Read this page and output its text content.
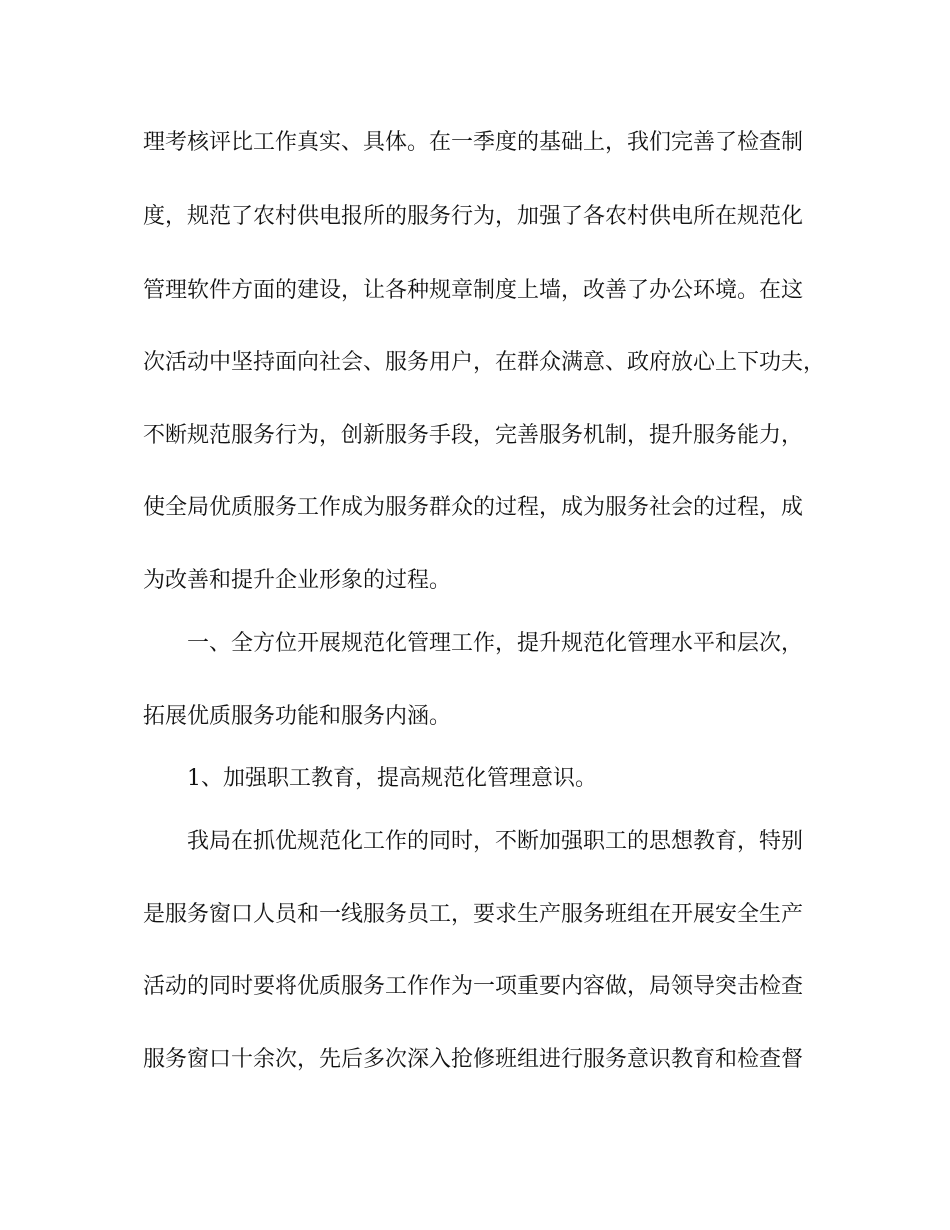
理考核评比工作真实、具体。在一季度的基础上，我们完善了检查制
度，规范了农村供电报所的服务行为，加强了各农村供电所在规范化
管理软件方面的建设，让各种规章制度上墙，改善了办公环境。在这
次活动中坚持面向社会、服务用户，在群众满意、政府放心上下功夫，
不断规范服务行为，创新服务手段，完善服务机制，提升服务能力，
使全局优质服务工作成为服务群众的过程，成为服务社会的过程，成
为改善和提升企业形象的过程。
一、全方位开展规范化管理工作，提升规范化管理水平和层次，
拓展优质服务功能和服务内涵。
1、加强职工教育，提高规范化管理意识。
我局在抓优规范化工作的同时，不断加强职工的思想教育，特别
是服务窗口人员和一线服务员工，要求生产服务班组在开展安全生产
活动的同时要将优质服务工作作为一项重要内容做，局领导突击检查
服务窗口十余次，先后多次深入抢修班组进行服务意识教育和检查督
